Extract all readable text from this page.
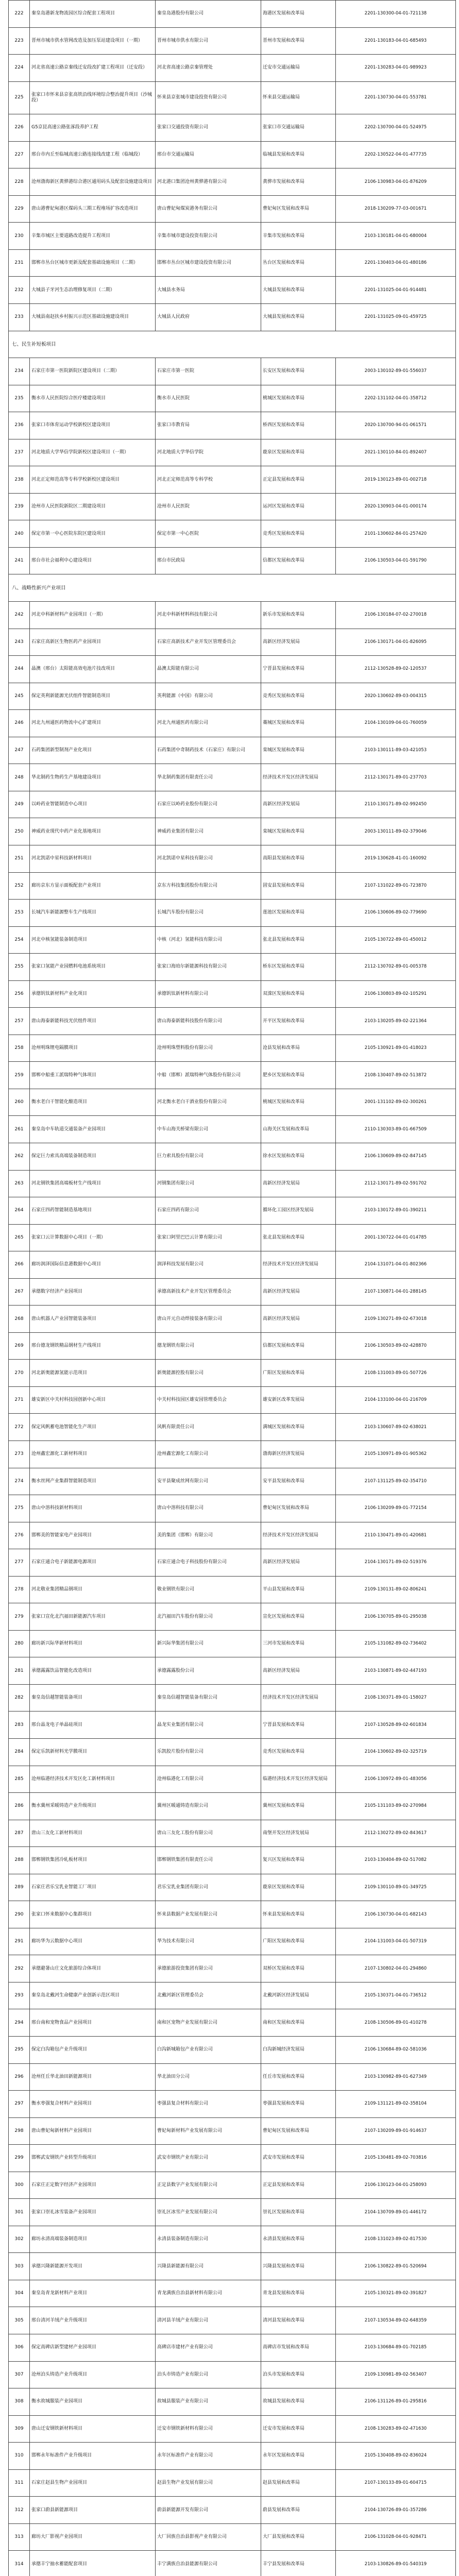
222	秦皇岛港新龙物流园区综合配套工程项目	秦皇岛港股份有限公司	海港区发展和改革局	2201-130300-04-01-721138
223	晋州市城市供水管网改造及加压泵站建设项目（一期）	晋州市城市供水有限公司	晋州市发展和改革局	2201-130183-04-01-685493
224	河北省高速公路京秦线迁安段改扩建工程项目（迁安段）	河北省高速公路京秦管理处	迁安市交通运输局	2201-130283-04-01-989923
225	张家口市怀来县京张高铁沿线环境综合整治提升项目（沙城段）	怀来县京张城市建设投资有限公司	怀来县交通运输局	2201-130730-04-01-553781
226	G5京昆高速公路张涿段养护工程	张家口交通投资有限公司	张家口市交通运输局	2202-130700-04-01-524975
227	邢台市内丘至临城高速公路连接线改建工程（临城段）	邢台市交通运输局	临城县发展和改革局	2202-130522-04-01-477735
228	沧州渤海新区黄骅港综合港区通用码头及配套设施建设项目	河北港口集团沧州黄骅港有限公司	黄骅市发展和改革局	2106-130983-04-01-876209
229	唐山港曹妃甸港区煤码头三期工程堆场扩容改造项目	唐山曹妃甸煤炭港务有限公司	曹妃甸区发展和改革局	2018-130209-77-03-001671
230	辛集市城区主要道路改造提升工程项目	辛集市城市建设投资有限公司	辛集市发展和改革局	2103-130181-04-01-680004
231	邯郸市丛台区城市更新及配套基础设施项目（二期）	邯郸市丛台区城市建设投资有限公司	丛台区发展和改革局	2201-130403-04-01-480186
232	大城县子牙河生态治理修复项目（二期）	大城县水务局	大城县发展和改革局	2201-131025-04-01-914481
233	大城县南赵扶乡村振兴示范区基础设施建设项目	大城县人民政府	大城县发展和改革局	2201-131025-09-01-459725
七、民生补短板项目				
234	石家庄市第一医院新院区建设项目（二期）	石家庄市第一医院	长安区发展和改革局	2003-130102-89-01-556037
235	衡水市人民医院综合医疗楼建设项目	衡水市人民医院	桃城区发展和改革局	2202-131102-04-01-358712
236	张家口市体育运动学校新校区建设项目	张家口市教育局	桥西区发展和改革局	2020-130700-94-01-061571
237	河北地质大学华信学院新校区建设项目（一期）	河北地质大学华信学院	鹿泉区发展和改革局	2021-130110-84-01-892407
238	河北正定师范高等专科学校新校区建设项目	河北正定师范高等专科学校	正定县发展和改革局	2019-130123-89-01-002718
239	沧州市人民医院新院区二期建设项目	沧州市人民医院	运河区发展和改革局	2020-130903-04-01-000174
240	保定市第一中心医院东院区建设项目	保定市第一中心医院	竞秀区发展和改革局	2101-130602-84-01-257420
241	邢台市社会福利中心建设项目	邢台市民政局	信都区发展和改革局	2106-130503-04-01-591790
八、战略性新兴产业项目				
242	河北中科新材料产业园项目（一期）	河北中科新材料科技有限公司	新乐市发展和改革局	2106-130184-07-02-270018
243	石家庄高新区生物医药产业园项目	石家庄高新技术产业开发区管理委员会	高新区经济发展局	2106-130171-04-01-826095
244	晶澳（邢台）太阳能高效电池片技改项目	晶澳太阳能有限公司	宁晋县发展和改革局	2112-130528-89-02-120537
245	保定英利新能源光伏组件智能制造项目	英利能源（中国）有限公司	竞秀区发展和改革局	2020-130602-89-03-004315
246	河北九州通医药物流中心扩建项目	河北九州通医药有限公司	藁城区发展和改革局	2104-130109-04-01-760059
247	石药集团新型制剂产业化项目	石药集团中奇制药技术（石家庄）有限公司	栾城区发展和改革局	2103-130111-89-03-421053
248	华北制药生物药生产基地建设项目	华北制药集团有限责任公司	经济技术开发区经济发展局	2112-130171-89-01-237703
249	以岭药业智能制造中心项目	石家庄以岭药业股份有限公司	高新区经济发展局	2110-130171-89-02-992450
250	神威药业现代中药产业化基地项目	神威药业集团有限公司	栾城区发展和改革局	2003-130111-89-02-379046
251	河北凯诺中星科技新材料项目	河北凯诺中星科技有限公司	高阳县发展和改革局	2019-130628-41-01-160092
252	廊坊京东方显示面板配套产业项目	京东方科技集团股份有限公司	固安县发展和改革局	2107-131022-89-01-723870
253	长城汽车新能源整车生产线项目	长城汽车股份有限公司	莲池区发展和改革局	2106-130606-89-02-779690
254	河北中核氢能装备制造项目	中核（河北）氢能科技有限公司	张北县发展和改革局	2105-130722-89-01-450012
255	张家口氢能产业园燃料电池系统项目	张家口海珀尔新能源科技有限公司	桥东区发展和改革局	2112-130702-89-01-005378
256	承德钒钛新材料产业化项目	承德钒钛新材料有限公司	双滦区发展和改革局	2106-130803-89-02-105291
257	唐山海泰新能科技光伏组件项目	唐山海泰新能科技股份有限公司	开平区发展和改革局	2103-130205-89-02-221364
258	沧州明珠锂电隔膜项目	沧州明珠塑料股份有限公司	沧县发展和改革局	2105-130921-89-01-418023
259	邯郸中船重工派瑞特种气体项目	中船（邯郸）派瑞特种气体股份有限公司	肥乡区发展和改革局	2108-130407-89-02-513872
260	衡水老白干智能化酿造项目	河北衡水老白干酒业股份有限公司	桃城区发展和改革局	2001-131102-89-02-300261
261	秦皇岛中车轨道交通装备产业园项目	中车山海关桥梁有限公司	山海关区发展和改革局	2110-130303-89-01-667509
262	保定巨力索具高端装备制造项目	巨力索具股份有限公司	徐水区发展和改革局	2106-130609-89-02-847145
263	河北钢铁集团高端板材生产线项目	河钢集团有限公司	高新区经济发展局	2112-130171-89-02-591702
264	石家庄四药智能制造基地项目	石家庄四药有限公司	循环化工园区经济发展局	2103-130172-89-01-390211
265	张家口云计算数据中心项目（一期）	张家口阿里巴巴云计算有限公司	张北县发展和改革局	2001-130722-04-01-014785
266	廊坊润泽国际信息港数据中心项目	润泽科技发展有限公司	经济技术开发区经济发展局	2104-131071-04-01-802366
267	承德数字经济产业园项目	承德高新技术产业开发区管理委员会	高新区经济发展局	2107-130871-04-01-288145
268	唐山机器人产业园智能装备项目	唐山开元自动焊接装备有限公司	高新区经济发展局	2109-130271-89-02-673018
269	邢台德龙钢铁精品钢材生产线项目	德龙钢铁有限公司	信都区发展和改革局	2106-130503-89-02-428870
270	河北新奥能源氢能示范项目	新奥能源控股有限公司	广阳区发展和改革局	2108-131003-89-01-507726
271	雄安新区中关村科技园创新中心项目	中关村科技园区雄安园管理委员会	雄安新区改革发展局	2104-133100-04-01-216709
272	保定风帆蓄电池智能化生产项目	风帆有限责任公司	满城区发展和改革局	2103-130607-89-02-638021
273	沧州鑫宏源化工新材料项目	沧州鑫宏源化工有限公司	渤海新区经济发展局	2105-130971-89-01-905362
274	衡水丝网产业集群智能制造项目	安平县聚成丝网有限公司	安平县发展和改革局	2107-131125-89-02-354710
275	唐山中溶科技新材料项目	唐山中溶科技有限公司	曹妃甸区发展和改革局	2106-130209-89-01-772154
276	邯郸美的智能家电产业园项目	美的集团（邯郸）有限公司	经济技术开发区经济发展局	2110-130471-89-01-420681
277	石家庄通合电子新能源电源项目	石家庄通合电子科技股份有限公司	高新区经济发展局	2104-130171-89-02-519376
278	河北敬业集团精品钢项目	敬业钢铁有限公司	平山县发展和改革局	2109-130131-89-02-806241
279	张家口宣化北汽福田新能源汽车项目	北汽福田汽车股份有限公司	宣化区发展和改革局	2106-130705-89-01-295038
280	廊坊新兴际华新材料项目	新兴际华集团有限公司	三河市发展和改革局	2105-131082-89-02-736402
281	承德露露饮品智能化改造项目	承德露露股份公司	高新区经济发展局	2103-130871-89-02-447193
282	秦皇岛信越智能装备项目	秦皇岛信越智能装备有限公司	经济技术开发区经济发展局	2108-130371-89-01-158027
283	邢台晶龙电子单晶硅项目	晶龙实业集团有限公司	宁晋县发展和改革局	2107-130528-89-02-601834
284	保定乐凯新材料光学膜项目	乐凯胶片股份有限公司	竞秀区发展和改革局	2104-130602-89-02-325719
285	沧州临港经济技术开发区化工新材料项目	沧州临港化工有限公司	临港经济技术开发区经济发展局	2106-130972-89-01-483056
286	衡水冀州采暖铸造产业升级项目	冀州区暖通铸造有限公司	冀州区发展和改革局	2105-131103-89-02-270984
287	唐山三友化工新材料项目	唐山三友化工股份有限公司	南堡开发区经济发展局	2112-130272-89-02-843617
288	邯郸钢铁集团冷轧板材项目	邯郸钢铁集团有限责任公司	复兴区发展和改革局	2103-130404-89-02-517082
289	石家庄君乐宝乳业智能工厂项目	君乐宝乳业集团有限公司	鹿泉区发展和改革局	2109-130110-89-01-349725
290	张家口怀来数据中心集群项目	怀来县数据产业发展有限公司	怀来县发展和改革局	2106-130730-04-01-682143
291	廊坊华为云数据中心项目	华为技术有限公司	广阳区发展和改革局	2104-131003-04-01-507319
292	承德避暑山庄文化旅游综合体项目	承德旅游投资集团有限公司	双桥区发展和改革局	2107-130802-04-01-294860
293	秦皇岛北戴河生命健康产业创新示范区项目	北戴河新区管理委员会	北戴河新区经济发展局	2105-130371-04-01-736512
294	邢台南和宠物食品产业园项目	南和区宠物产业发展有限公司	南和区发展和改革局	2108-130506-89-01-410278
295	保定白沟箱包产业升级项目	白沟新城箱包产业有限公司	白沟新城经济发展局	2106-130684-89-02-581036
296	沧州任丘华北油田新能源项目	华北油田分公司	任丘市发展和改革局	2103-130982-89-01-627349
297	衡水枣强复合材料产业园项目	枣强县复合材料有限公司	枣强县发展和改革局	2109-131121-89-02-358104
298	唐山曹妃甸新材料产业园项目	曹妃甸新材料产业发展有限公司	曹妃甸区发展和改革局	2107-130209-89-01-914637
299	邯郸武安钢铁产业转型升级项目	武安市钢铁产业有限公司	武安市发展和改革局	2105-130481-89-02-703816
300	石家庄正定数字经济产业园项目	正定县数字产业发展有限公司	正定县发展和改革局	2106-130123-04-01-258093
301	张家口崇礼冰雪装备产业园项目	崇礼区冰雪产业发展有限公司	崇礼区发展和改革局	2104-130709-89-01-446172
302	廊坊永清高端装备制造项目	永清县装备制造有限公司	永清县发展和改革局	2108-131023-89-02-817530
303	承德兴隆新能源开发项目	兴隆县新能源有限公司	兴隆县发展和改革局	2106-130822-89-01-520694
304	秦皇岛青龙新材料产业项目	青龙满族自治县新材料有限公司	青龙县发展和改革局	2105-130321-89-02-391827
305	邢台清河羊绒产业升级项目	清河县羊绒产业有限公司	清河县发展和改革局	2107-130534-89-02-648359
306	保定高碑店新型建材产业园项目	高碑店市建材产业有限公司	高碑店市发展和改革局	2103-130684-89-01-702185
307	沧州泊头铸造产业升级项目	泊头市铸造产业有限公司	泊头市发展和改革局	2109-130981-89-02-563407
308	衡水故城服装产业园项目	故城县服装产业有限公司	故城县发展和改革局	2106-131126-89-01-295816
309	唐山迁安钢铁新材料项目	迁安市钢铁新材料有限公司	迁安市发展和改革局	2108-130283-89-02-471630
310	邯郸永年标准件产业升级项目	永年区标准件产业有限公司	永年区发展和改革局	2105-130408-89-02-836024
311	石家庄赵县生物产业园项目	赵县生物产业发展有限公司	赵县发展和改革局	2107-130133-89-01-604715
312	张家口蔚县新能源项目	蔚县新能源开发有限公司	蔚县发展和改革局	2104-130726-89-01-357286
313	廊坊大厂影视产业园项目	大厂回族自治县影视产业有限公司	大厂县发展和改革局	2106-131028-04-01-928471
314	承德丰宁抽水蓄能配套项目	丰宁满族自治县能源有限公司	丰宁县发展和改革局	2103-130826-89-01-540319
